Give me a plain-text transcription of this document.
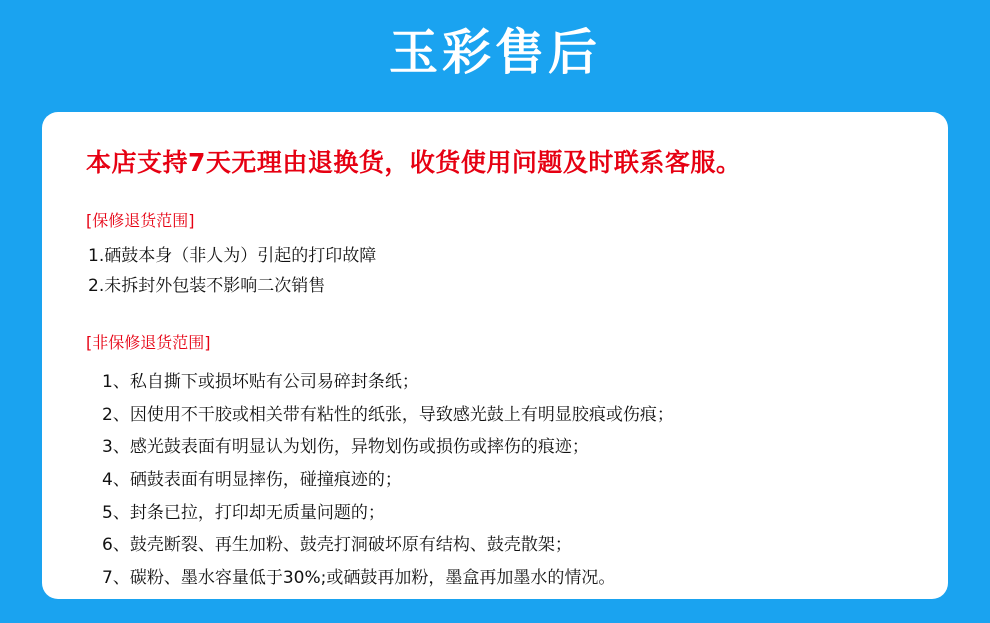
玉彩售后
本店支持7天无理由退换货，收货使用问题及时联系客服。
[保修退货范围]
1.硒鼓本身（非人为）引起的打印故障
2.未拆封外包装不影响二次销售
[非保修退货范围]
1、私自撕下或损坏贴有公司易碎封条纸；
2、因使用不干胶或相关带有粘性的纸张，导致感光鼓上有明显胶痕或伤痕；
3、感光鼓表面有明显认为划伤，异物划伤或损伤或摔伤的痕迹；
4、硒鼓表面有明显摔伤，碰撞痕迹的；
5、封条已拉，打印却无质量问题的；
6、鼓壳断裂、再生加粉、鼓壳打洞破坏原有结构、鼓壳散架；
7、碳粉、墨水容量低于30%;或硒鼓再加粉，墨盒再加墨水的情况。
